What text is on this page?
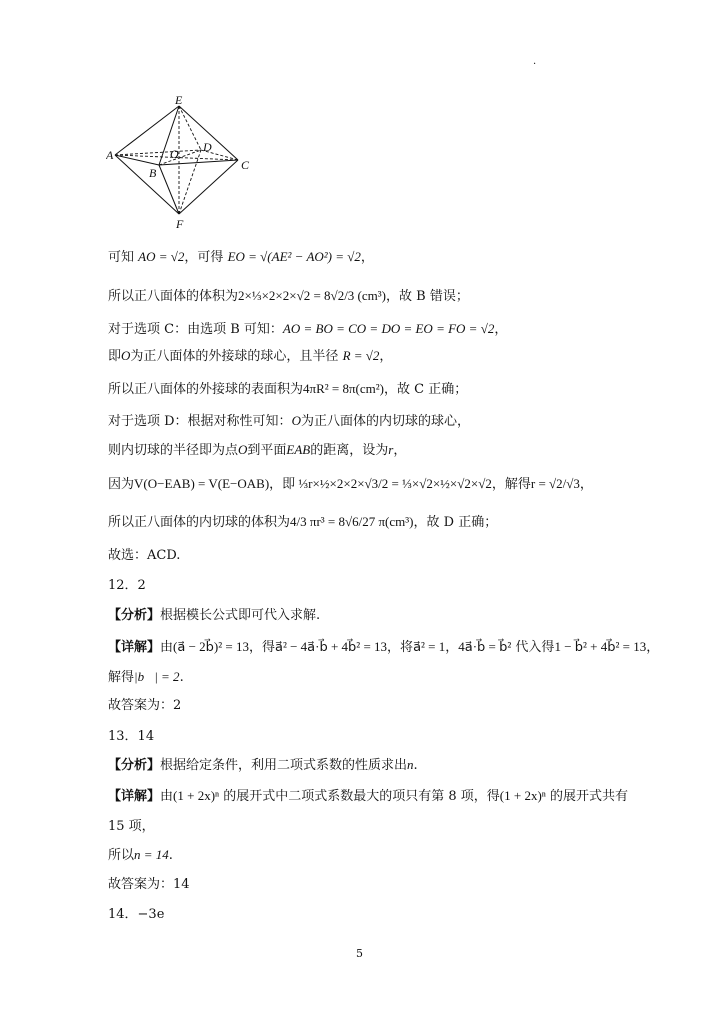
.
E
A	O D
B
C
F
可知 AO = √2，可得 EO = √(AE² − AO²) = √2，
所以正八面体的体积为2×⅓×2×2×√2 = 8√2/3 (cm³)，故 B 错误；
对于选项 C：由选项 B 可知：AO = BO = CO = DO = EO = FO = √2，
即O为正八面体的外接球的球心，且半径 R = √2，
所以正八面体的外接球的表面积为4πR² = 8π(cm²)，故 C 正确；
对于选项 D：根据对称性可知：O为正八面体的内切球的球心，
则内切球的半径即为点O到平面EAB的距离，设为r，
因为V(O−EAB) = V(E−OAB)，即 ⅓r×½×2×2×√3/2 = ⅓×√2×½×√2×√2，解得r = √2/√3，
所以正八面体的内切球的体积为4/3 πr³ = 8√6/27 π(cm³)，故 D 正确；
故选：ACD.
12．2
【分析】根据模长公式即可代入求解.
【详解】由(a⃗ − 2b⃗)² = 13，得a⃗² − 4a⃗·b⃗ + 4b⃗² = 13，将a⃗² = 1，4a⃗·b⃗ = b⃗² 代入得1 − b⃗² + 4b⃗² = 13，
解得|b⃗| = 2.
故答案为：2
13．14
【分析】根据给定条件，利用二项式系数的性质求出n.
【详解】由(1 + 2x)ⁿ 的展开式中二项式系数最大的项只有第 8 项，得(1 + 2x)ⁿ 的展开式共有
15 项，
所以n = 14.
故答案为：14
14．−3e
5
